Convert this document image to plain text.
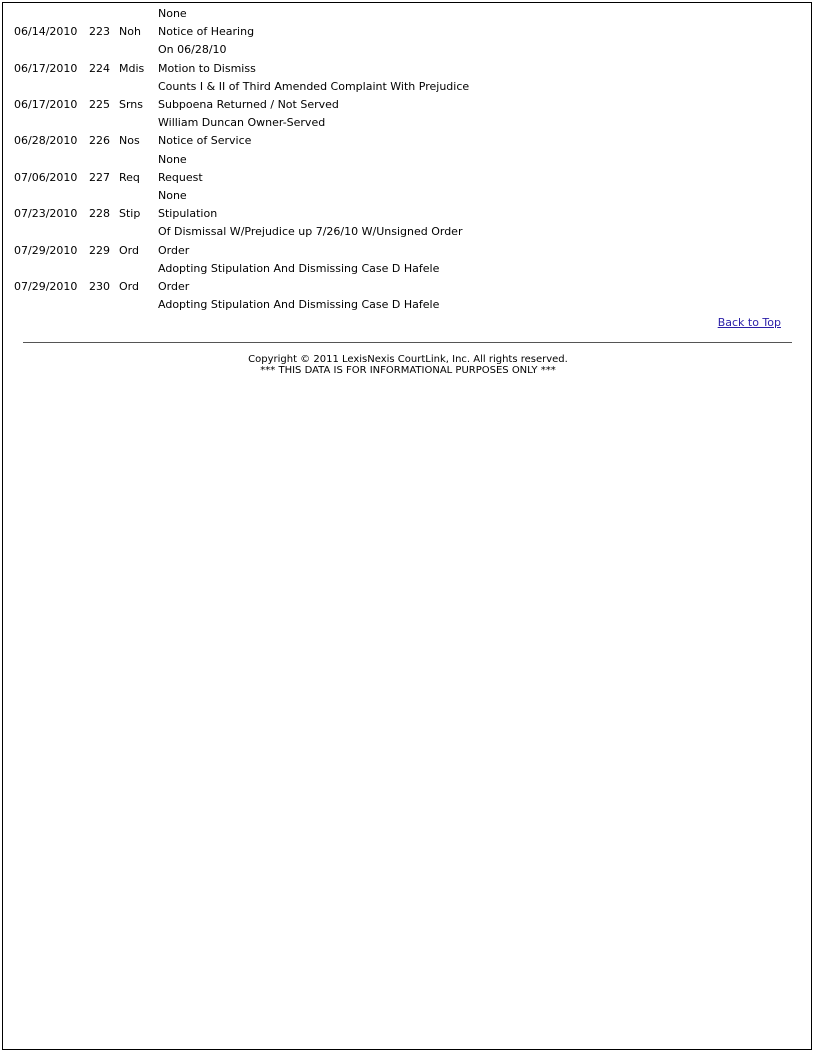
			None
06/14/2010	223	Noh	Notice of Hearing
			On 06/28/10
06/17/2010	224	Mdis	Motion to Dismiss
			Counts I & II of Third Amended Complaint With Prejudice
06/17/2010	225	Srns	Subpoena Returned / Not Served
			William Duncan Owner-Served
06/28/2010	226	Nos	Notice of Service
			None
07/06/2010	227	Req	Request
			None
07/23/2010	228	Stip	Stipulation
			Of Dismissal W/Prejudice up 7/26/10 W/Unsigned Order
07/29/2010	229	Ord	Order
			Adopting Stipulation And Dismissing Case D Hafele
07/29/2010	230	Ord	Order
			Adopting Stipulation And Dismissing Case D Hafele
Back to Top
Copyright © 2011 LexisNexis CourtLink, Inc. All rights reserved.
*** THIS DATA IS FOR INFORMATIONAL PURPOSES ONLY ***
